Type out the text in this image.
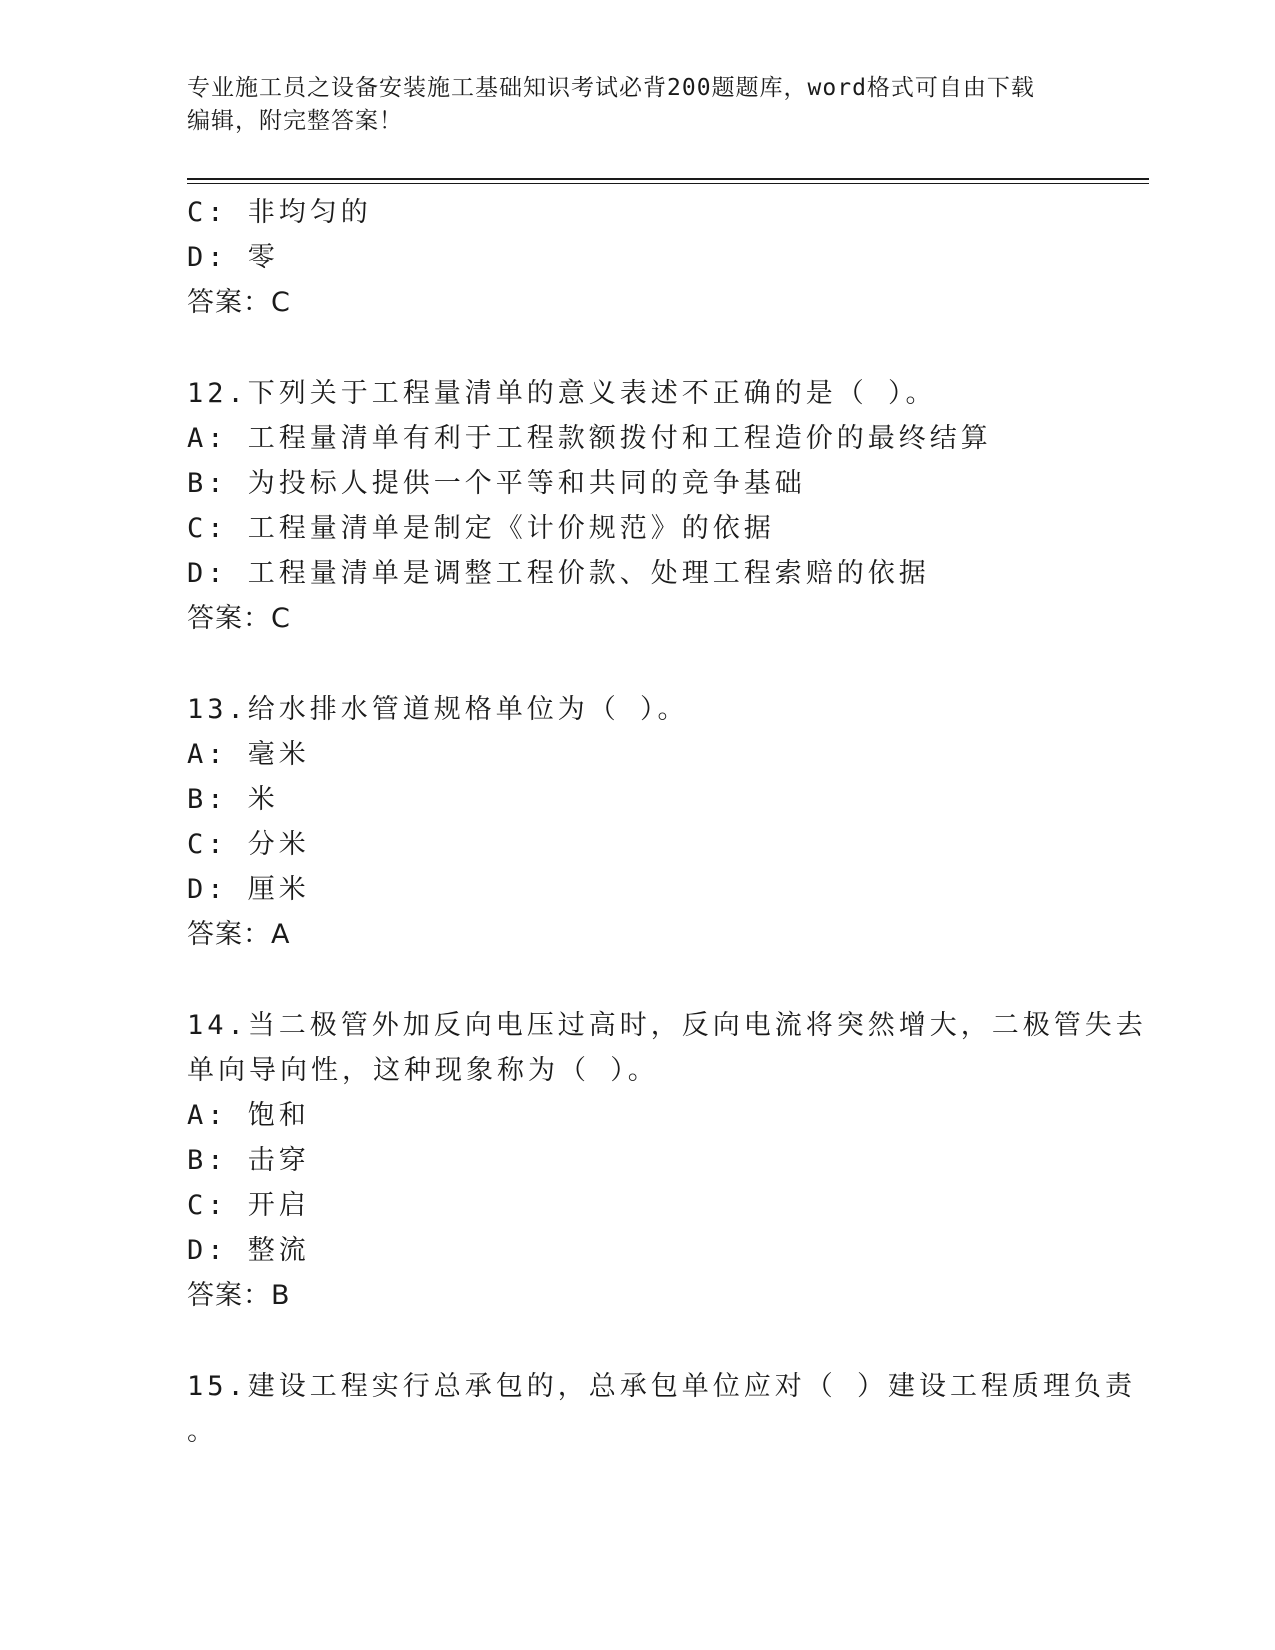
专业施工员之设备安装施工基础知识考试必背200题题库，word格式可自由下载
编辑，附完整答案！
C: 非均匀的
D: 零
答案：C
12.下列关于工程量清单的意义表述不正确的是（ ）。
A: 工程量清单有利于工程款额拨付和工程造价的最终结算
B: 为投标人提供一个平等和共同的竞争基础
C: 工程量清单是制定《计价规范》的依据
D: 工程量清单是调整工程价款、处理工程索赔的依据
答案：C
13.给水排水管道规格单位为（ ）。
A: 毫米
B: 米
C: 分米
D: 厘米
答案：A
14.当二极管外加反向电压过高时，反向电流将突然增大，二极管失去
单向导向性，这种现象称为（ ）。
A: 饱和
B: 击穿
C: 开启
D: 整流
答案：B
15.建设工程实行总承包的，总承包单位应对（ ）建设工程质理负责
。
